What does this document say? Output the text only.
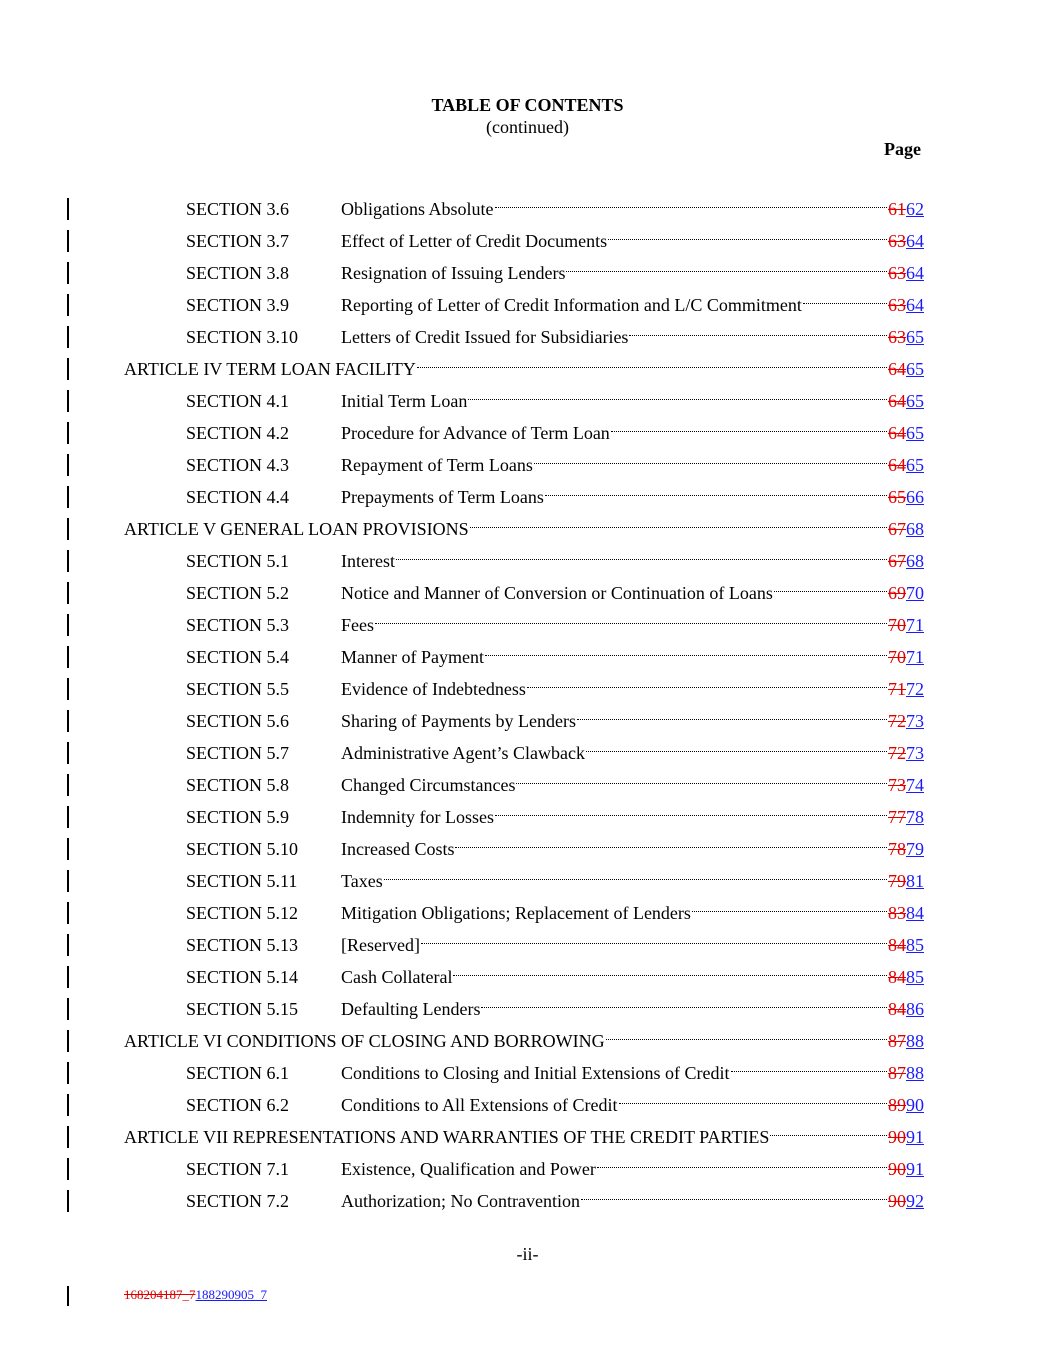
TABLE OF CONTENTS
(continued)
Page
SECTION 3.6	Obligations Absolute	6162
SECTION 3.7	Effect of Letter of Credit Documents	6364
SECTION 3.8	Resignation of Issuing Lenders	6364
SECTION 3.9	Reporting of Letter of Credit Information and L/C Commitment	6364
SECTION 3.10	Letters of Credit Issued for Subsidiaries	6365
ARTICLE IV TERM LOAN FACILITY	6465
SECTION 4.1	Initial Term Loan	6465
SECTION 4.2	Procedure for Advance of Term Loan	6465
SECTION 4.3	Repayment of Term Loans	6465
SECTION 4.4	Prepayments of Term Loans	6566
ARTICLE V GENERAL LOAN PROVISIONS	6768
SECTION 5.1	Interest	6768
SECTION 5.2	Notice and Manner of Conversion or Continuation of Loans	6970
SECTION 5.3	Fees	7071
SECTION 5.4	Manner of Payment	7071
SECTION 5.5	Evidence of Indebtedness	7172
SECTION 5.6	Sharing of Payments by Lenders	7273
SECTION 5.7	Administrative Agent’s Clawback	7273
SECTION 5.8	Changed Circumstances	7374
SECTION 5.9	Indemnity for Losses	7778
SECTION 5.10	Increased Costs	7879
SECTION 5.11	Taxes	7981
SECTION 5.12	Mitigation Obligations; Replacement of Lenders	8384
SECTION 5.13	[Reserved]	8485
SECTION 5.14	Cash Collateral	8485
SECTION 5.15	Defaulting Lenders	8486
ARTICLE VI CONDITIONS OF CLOSING AND BORROWING	8788
SECTION 6.1	Conditions to Closing and Initial Extensions of Credit	8788
SECTION 6.2	Conditions to All Extensions of Credit	8990
ARTICLE VII REPRESENTATIONS AND WARRANTIES OF THE CREDIT PARTIES	9091
SECTION 7.1	Existence, Qualification and Power	9091
SECTION 7.2	Authorization; No Contravention	9092
-ii-
168204187_7188290905_7
